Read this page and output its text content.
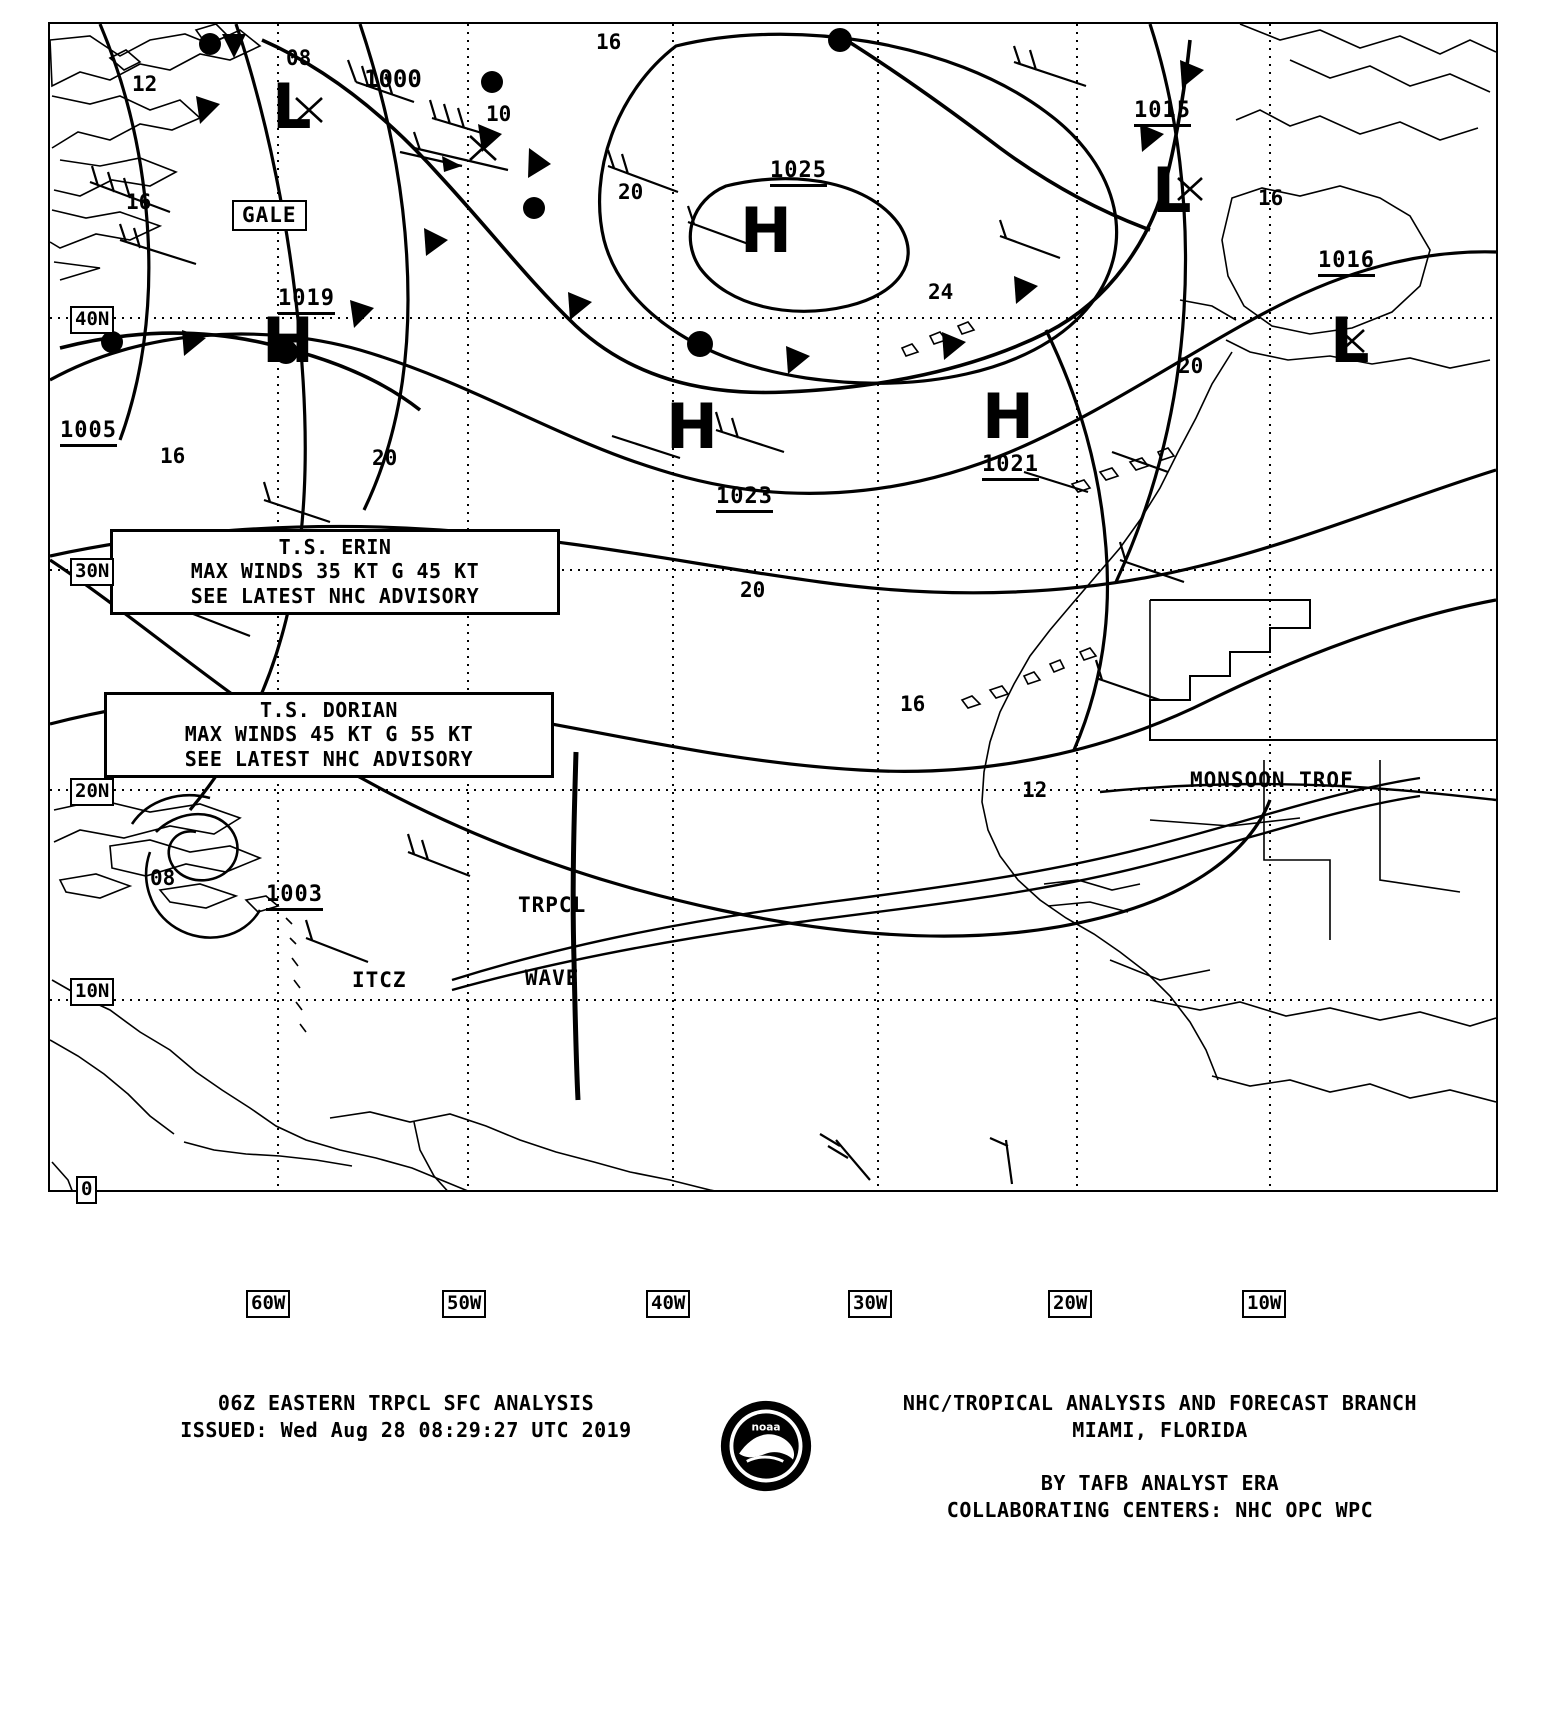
12
08
16
10
16
20
24
16
20
20
16
20
16
12
08
L 1000
H
1019
H
1025
H
1023
H
1021
L
1015
L
1016
1005
1003
GALE
T.S. ERIN
MAX WINDS 35 KT G 45 KT
SEE LATEST NHC ADVISORY
T.S. DORIAN
MAX WINDS 45 KT G 55 KT
SEE LATEST NHC ADVISORY

TRPCL

WAVE

ITCZ
MONSOON TROF
40N
30N
20N
10N
0
60W	50W	40W	30W	20W	10W
06Z EASTERN TRPCL SFC ANALYSIS
ISSUED: Wed Aug 28 08:29:27 UTC 2019	noaa
NHC/TROPICAL ANALYSIS AND FORECAST BRANCH
MIAMI, FLORIDA
BY TAFB ANALYST ERA
COLLABORATING CENTERS: NHC OPC WPC
